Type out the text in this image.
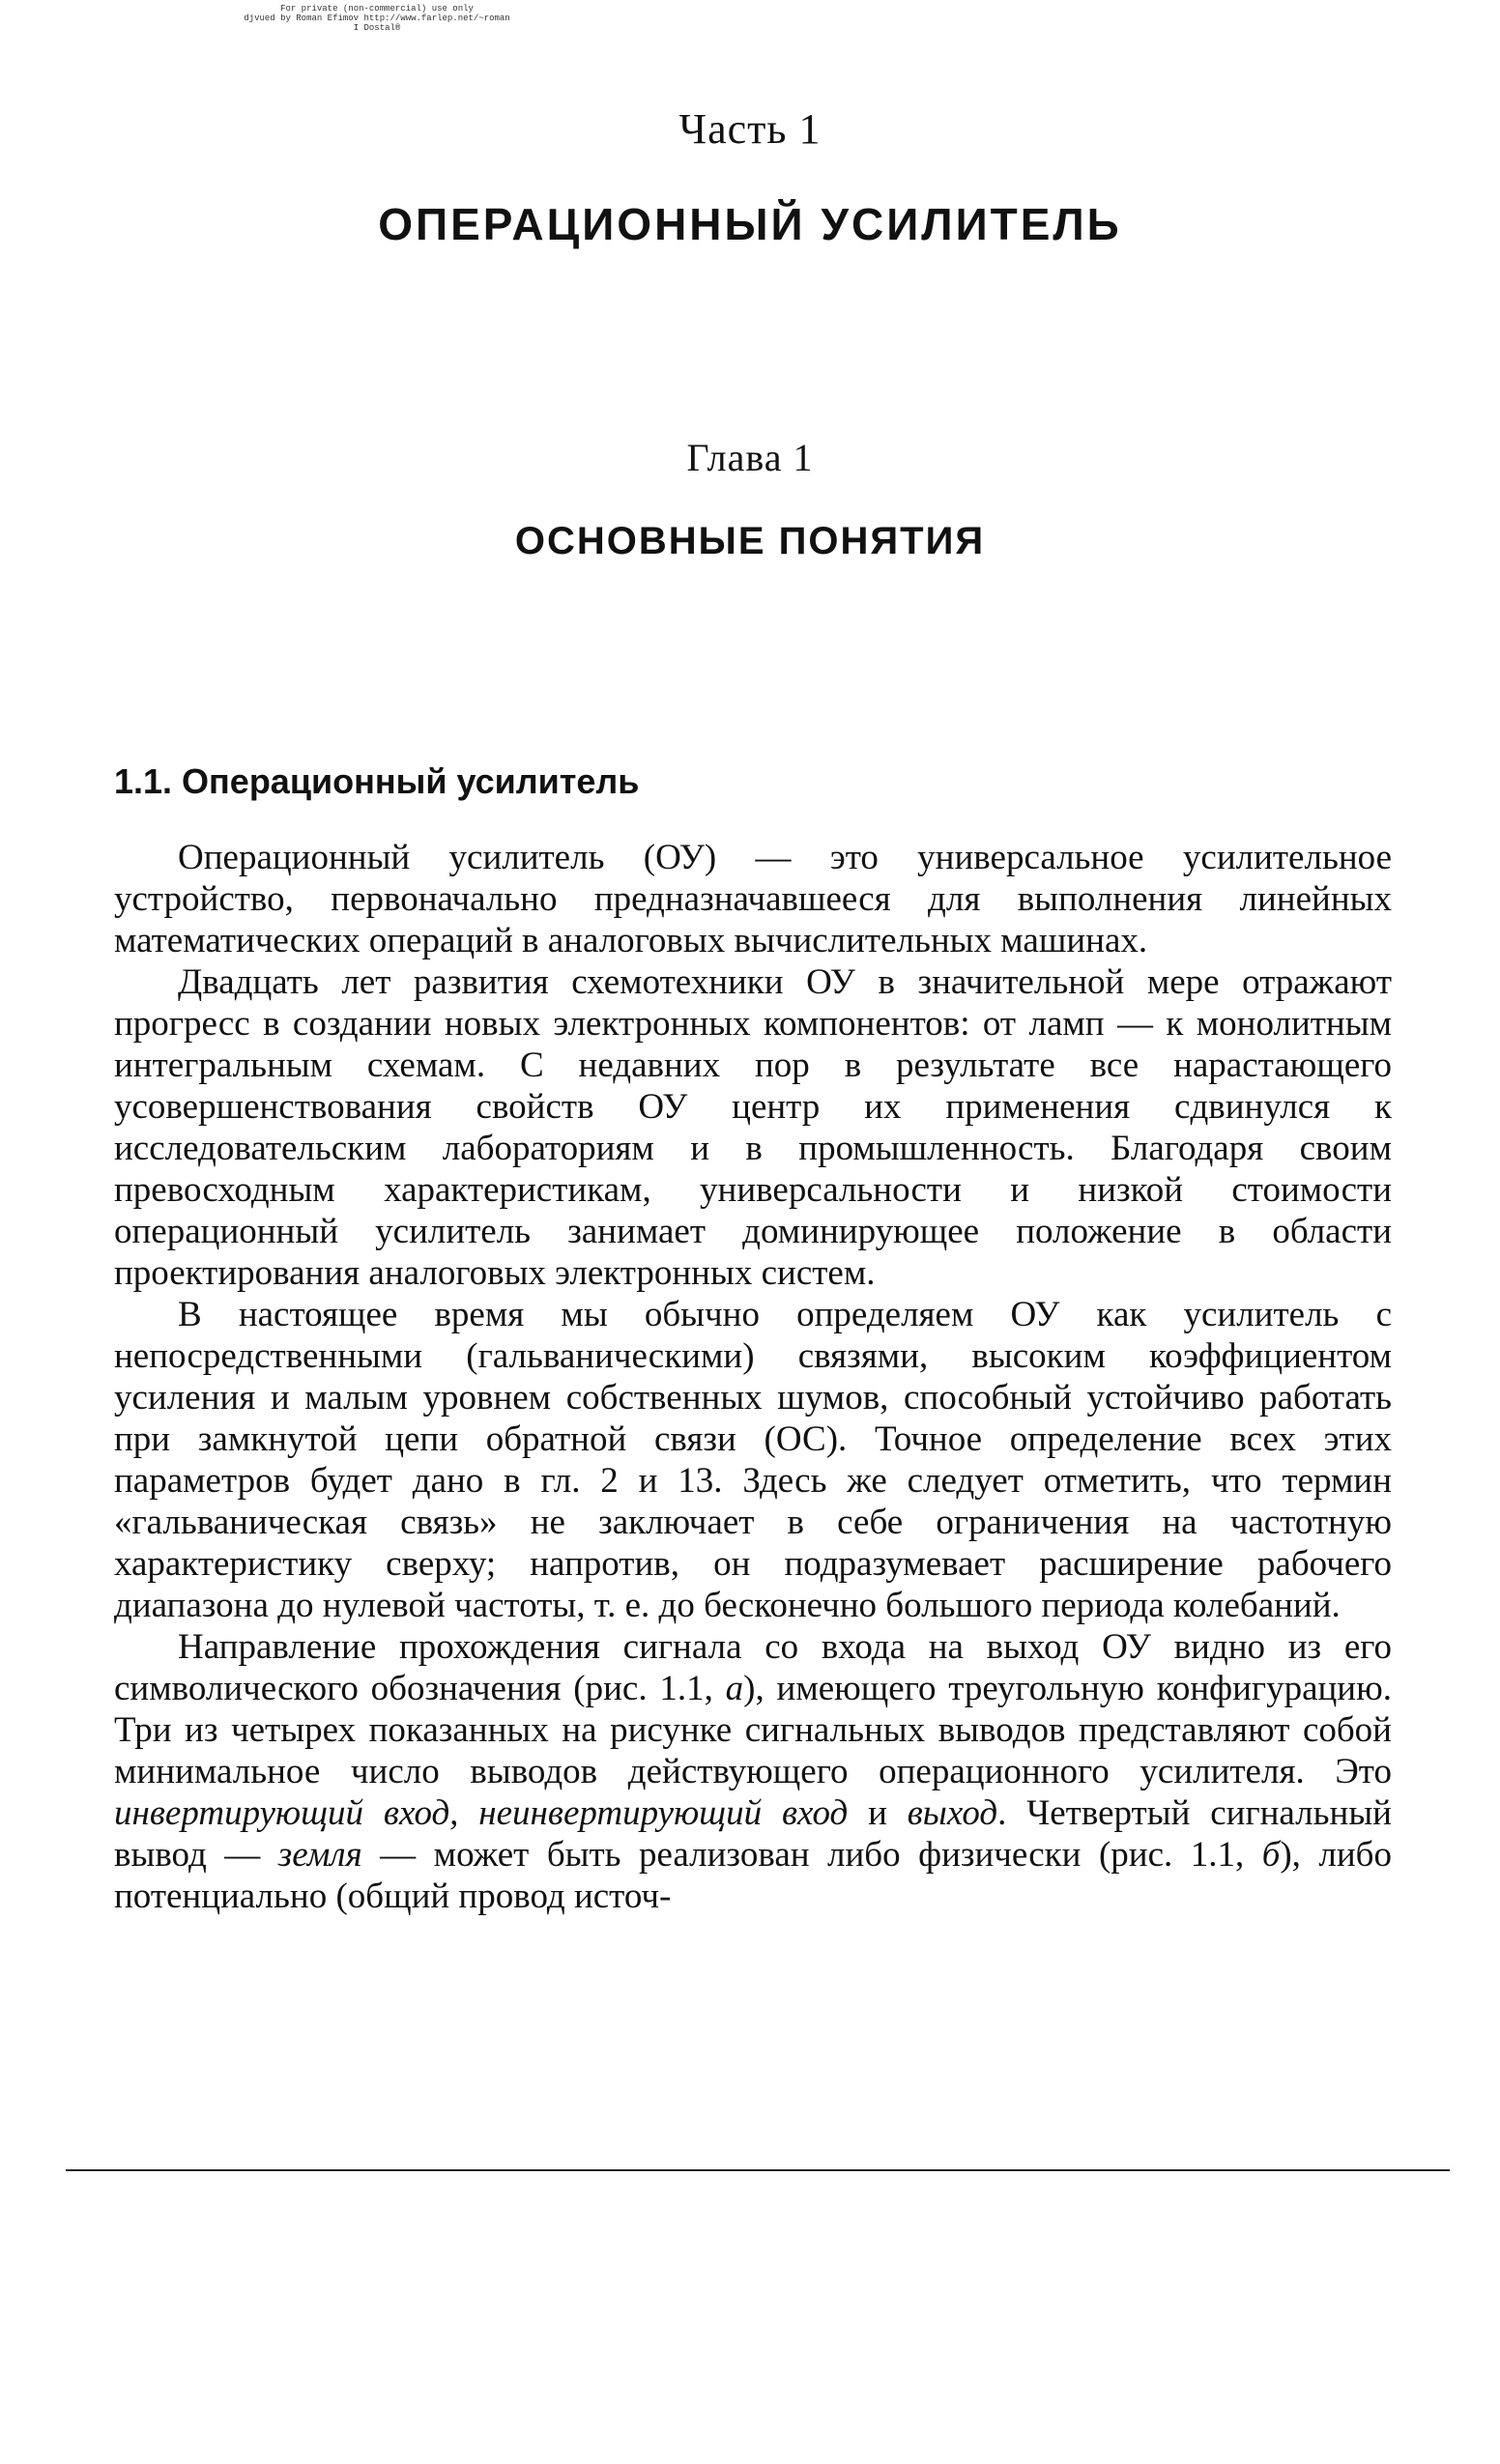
For private (non-commercial) use only
djvued by Roman Efimov http://www.farlep.net/~roman
I Dostal®
Часть 1
ОПЕРАЦИОННЫЙ УСИЛИТЕЛЬ
Глава 1
ОСНОВНЫЕ ПОНЯТИЯ
1.1. Операционный усилитель

Операционный усилитель (ОУ) — это универсальное усилительное устройство, первоначально предназначавшееся для выполнения линейных математических операций в аналоговых вычислительных машинах.

Двадцать лет развития схемотехники ОУ в значительной мере отражают прогресс в создании новых электронных компонентов: от ламп — к монолитным интегральным схемам. С недавних пор в результате все нарастающего усовершенствования свойств ОУ центр их применения сдвинулся к исследовательским лабораториям и в промышленность. Благодаря своим превосходным характеристикам, универсальности и низкой стоимости операционный усилитель занимает доминирующее положение в области проектирования аналоговых электронных систем.

В настоящее время мы обычно определяем ОУ как усилитель с непосредственными (гальваническими) связями, высоким коэффициентом усиления и малым уровнем собственных шумов, способный устойчиво работать при замкнутой цепи обратной связи (ОС). Точное определение всех этих параметров будет дано в гл. 2 и 13. Здесь же следует отметить, что термин «гальваническая связь» не заключает в себе ограничения на частотную характеристику сверху; напротив, он подразумевает расширение рабочего диапазона до нулевой частоты, т. е. до бесконечно большого периода колебаний.

Направление прохождения сигнала со входа на выход ОУ видно из его символического обозначения (рис. 1.1, а), имеющего треугольную конфигурацию. Три из четырех показанных на рисунке сигнальных выводов представляют собой минимальное число выводов действующего операционного усилителя. Это инвертирующий вход, неинвертирующий вход и выход. Четвертый сигнальный вывод — земля — может быть реализован либо физически (рис. 1.1, б), либо потенциально (общий провод источ-
